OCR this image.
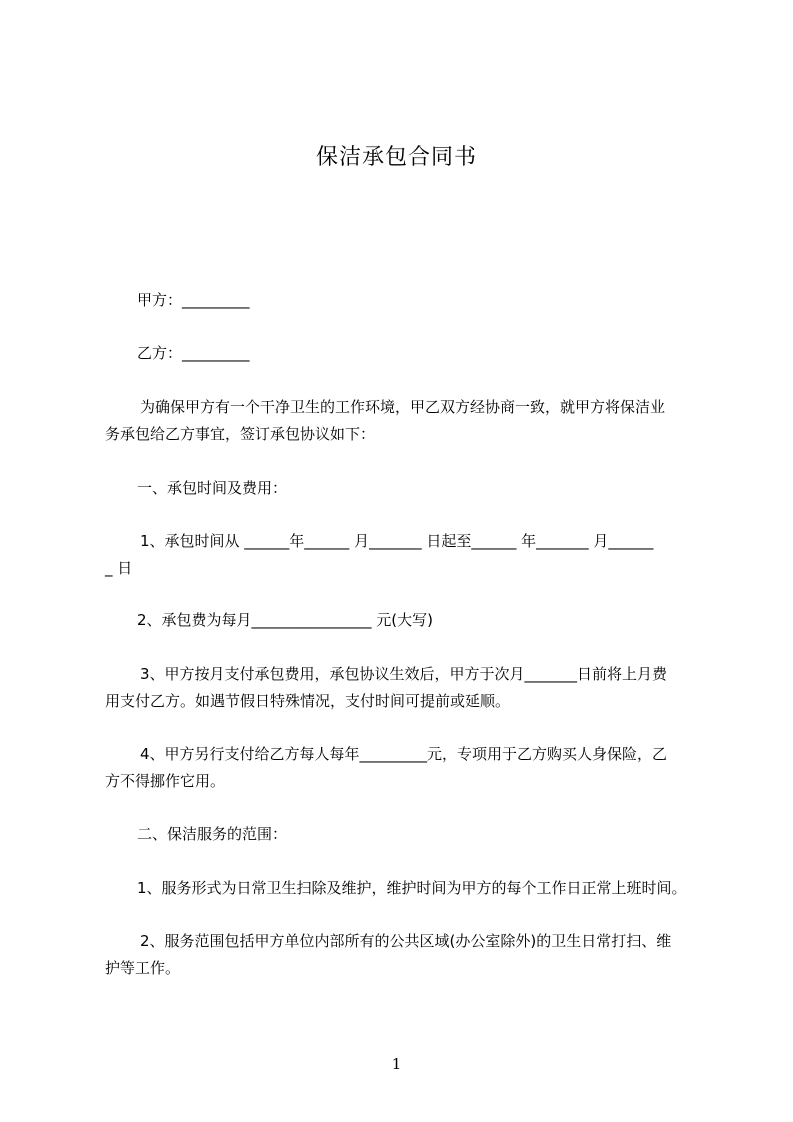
保洁承包合同书
甲方：_________
乙方：_________
为确保甲方有一个干净卫生的工作环境，甲乙双方经协商一致，就甲方将保洁业
务承包给乙方事宜，签订承包协议如下：
一、承包时间及费用：
1、承包时间从 ______年______ 月_______ 日起至______ 年_______ 月______
_ 日
2、承包费为每月________________ 元(大写)
3、甲方按月支付承包费用，承包协议生效后，甲方于次月_______日前将上月费
用支付乙方。如遇节假日特殊情况，支付时间可提前或延顺。
4、甲方另行支付给乙方每人每年_________元，专项用于乙方购买人身保险，乙
方不得挪作它用。
二、保洁服务的范围：
1、服务形式为日常卫生扫除及维护，维护时间为甲方的每个工作日正常上班时间。
2、服务范围包括甲方单位内部所有的公共区域(办公室除外)的卫生日常打扫、维
护等工作。
1
